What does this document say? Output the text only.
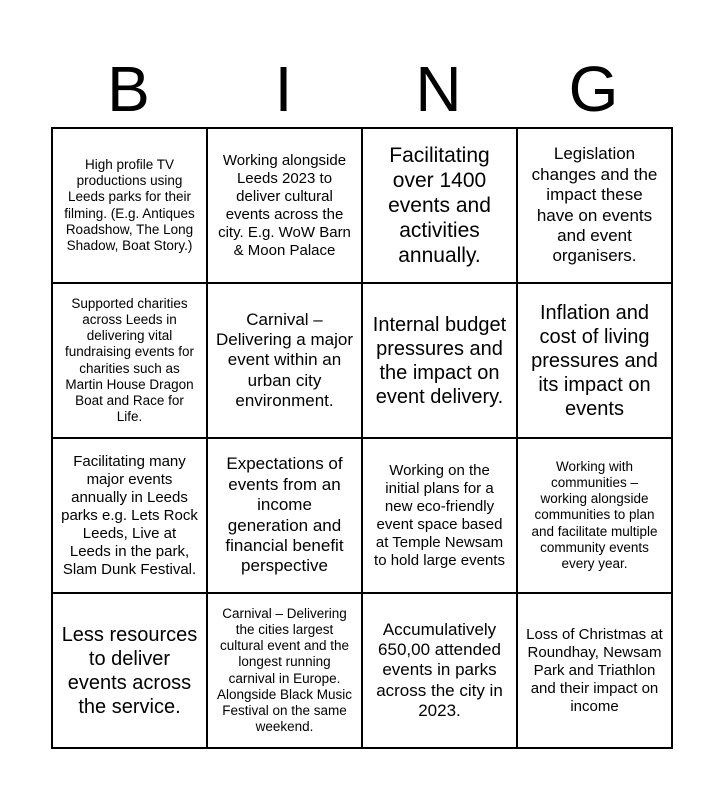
B	I	N	G
High profile TV productions using Leeds parks for their filming. (E.g. Antiques Roadshow, The Long Shadow, Boat Story.)	Working alongside Leeds 2023 to deliver cultural events across the city. E.g. WoW Barn & Moon Palace	Facilitating over 1400 events and activities annually.	Legislation changes and the impact these have on events and event organisers.

Supported charities across Leeds in delivering vital fundraising events for charities such as Martin House Dragon Boat and Race for Life.	Carnival – Delivering a major event within an urban city environment.	Internal budget pressures and the impact on event delivery.	Inflation and cost of living pressures and its impact on events

Facilitating many major events annually in Leeds parks e.g. Lets Rock Leeds, Live at Leeds in the park, Slam Dunk Festival.	Expectations of events from an income generation and financial benefit perspective	Working on the initial plans for a new eco-friendly event space based at Temple Newsam to hold large events	Working with communities – working alongside communities to plan and facilitate multiple community events every year.

Less resources to deliver events across the service.	Carnival – Delivering the cities largest cultural event and the longest running carnival in Europe. Alongside Black Music Festival on the same weekend.	Accumulatively 650,00 attended events in parks across the city in 2023.	Loss of Christmas at Roundhay, Newsam Park and Triathlon and their impact on income
